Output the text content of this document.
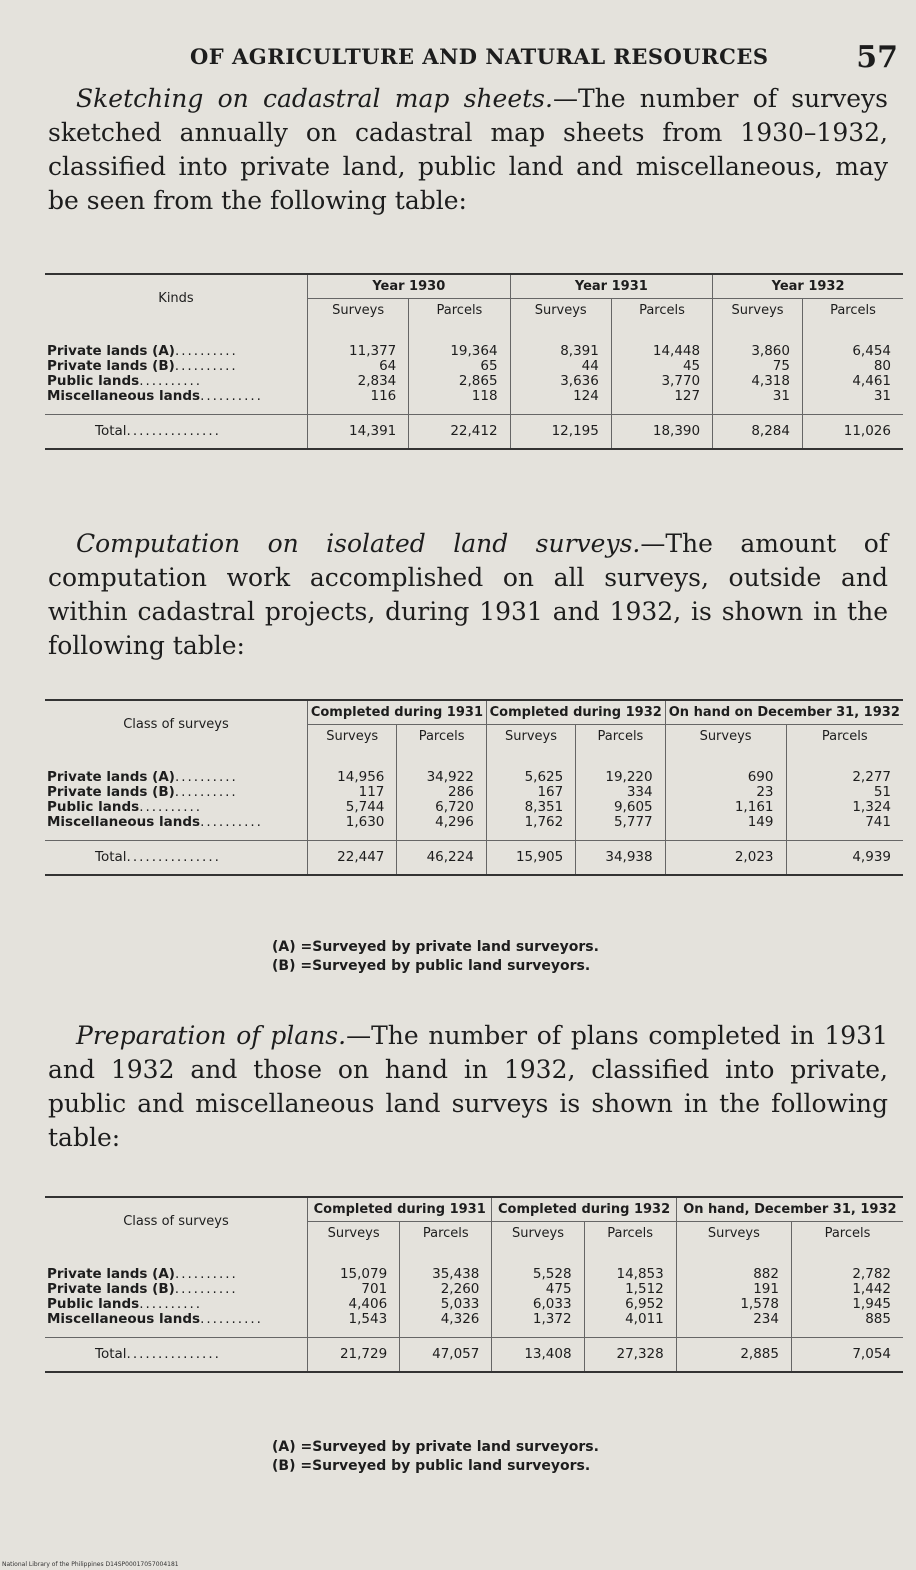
OF AGRICULTURE AND NATURAL RESOURCES	57

Sketching on cadastral map sheets.—The number of surveys sketched annually on cadastral map sheets from 1930–1932, classified into private land, public land and miscellaneous, may be seen from the following table:

Kinds	Year 1930		Year 1931		Year 1932	
	Surveys	Parcels	Surveys	Parcels	Surveys	Parcels
Private lands (A)..........	11,377	19,364	8,391	14,448	3,860	6,454
Private lands (B)..........	64	65	44	45	75	80
Public lands..........	2,834	2,865	3,636	3,770	4,318	4,461
Miscellaneous lands..........	116	118	124	127	31	31
Total...............	14,391	22,412	12,195	18,390	8,284	11,026

Computation on isolated land surveys.—The amount of computation work accomplished on all surveys, outside and within cadastral projects, during 1931 and 1932, is shown in the following table:

Class of surveys	Completed during 1931		Completed during 1932		On hand on December 31, 1932	
	Surveys	Parcels	Surveys	Parcels	Surveys	Parcels
Private lands (A)..........	14,956	34,922	5,625	19,220	690	2,277
Private lands (B)..........	117	286	167	334	23	51
Public lands..........	5,744	6,720	8,351	9,605	1,161	1,324
Miscellaneous lands..........	1,630	4,296	1,762	5,777	149	741
Total...............	22,447	46,224	15,905	34,938	2,023	4,939
(A) =Surveyed by private land surveyors.
(B) =Surveyed by public land surveyors.

Preparation of plans.—The number of plans completed in 1931 and 1932 and those on hand in 1932, classified into private, public and miscellaneous land surveys is shown in the following table:

Class of surveys	Completed during 1931		Completed during 1932		On hand, December 31, 1932	
	Surveys	Parcels	Surveys	Parcels	Surveys	Parcels
Private lands (A)..........	15,079	35,438	5,528	14,853	882	2,782
Private lands (B)..........	701	2,260	475	1,512	191	1,442
Public lands..........	4,406	5,033	6,033	6,952	1,578	1,945
Miscellaneous lands..........	1,543	4,326	1,372	4,011	234	885
Total...............	21,729	47,057	13,408	27,328	2,885	7,054
(A) =Surveyed by private land surveyors.
(B) =Surveyed by public land surveyors.
National Library of the Philippines D14SP00017057004181
